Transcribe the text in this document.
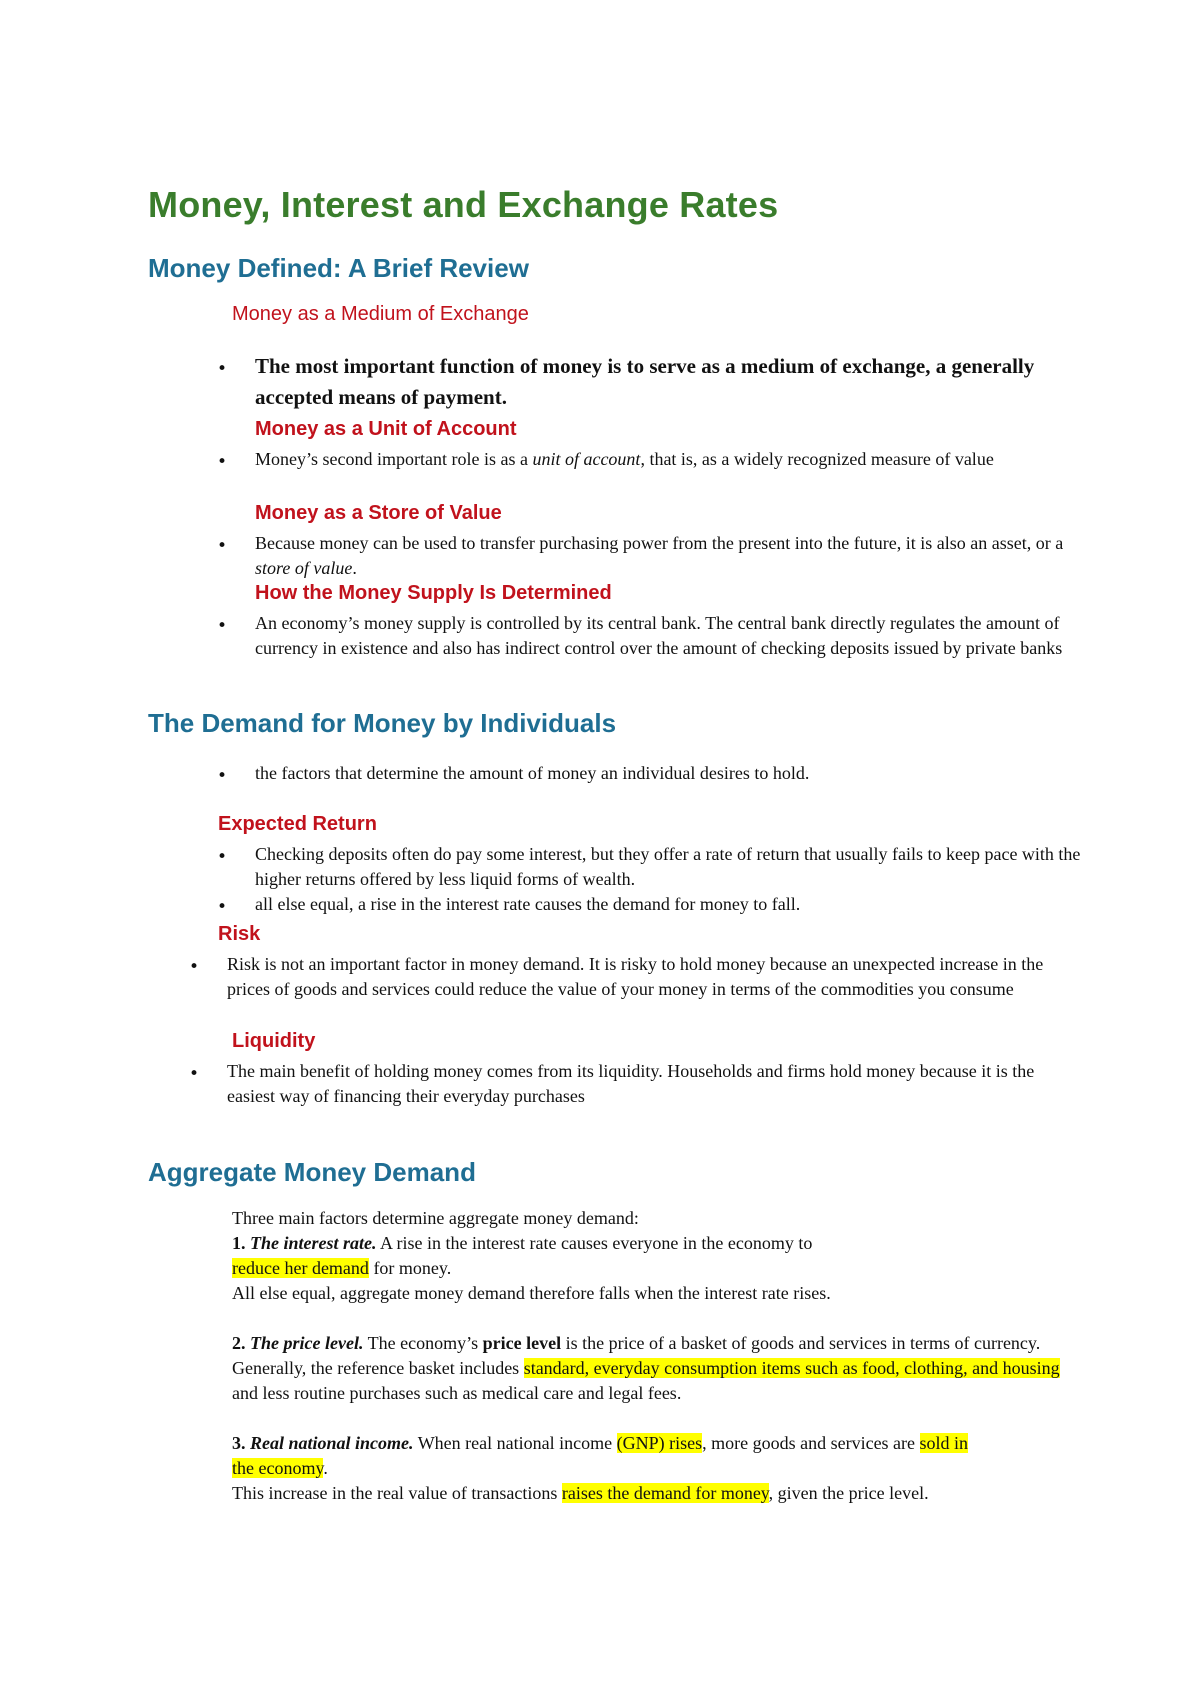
Money, Interest and Exchange Rates
Money Defined: A Brief Review
Money as a Medium of Exchange
• The most important function of money is to serve as a medium of exchange, a generally accepted means of payment.

Money as a Unit of Account
• Money’s second important role is as a unit of account, that is, as a widely recognized measure of value

Money as a Store of Value
• Because money can be used to transfer purchasing power from the present into the future, it is also an asset, or a store of value.

How the Money Supply Is Determined
• An economy’s money supply is controlled by its central bank. The central bank directly regulates the amount of currency in existence and also has indirect control over the amount of checking deposits issued by private banks

The Demand for Money by Individuals
• the factors that determine the amount of money an individual desires to hold.

Expected Return
• Checking deposits often do pay some interest, but they offer a rate of return that usually fails to keep pace with the higher returns offered by less liquid forms of wealth.

• all else equal, a rise in the interest rate causes the demand for money to fall.

Risk
• Risk is not an important factor in money demand. It is risky to hold money because an unexpected increase in the prices of goods and services could reduce the value of your money in terms of the commodities you consume

Liquidity
• The main benefit of holding money comes from its liquidity. Households and firms hold money because it is the easiest way of financing their everyday purchases

Aggregate Money Demand
Three main factors determine aggregate money demand:
1. The interest rate. A rise in the interest rate causes everyone in the economy to
reduce her demand for money.
All else equal, aggregate money demand therefore falls when the interest rate rises.
2. The price level. The economy’s price level is the price of a basket of goods and services in terms of currency.
Generally, the reference basket includes standard, everyday consumption items such as food, clothing, and housing and less routine purchases such as medical care and legal fees.
3. Real national income. When real national income (GNP) rises, more goods and services are sold in the economy.
This increase in the real value of transactions raises the demand for money, given the price level.
